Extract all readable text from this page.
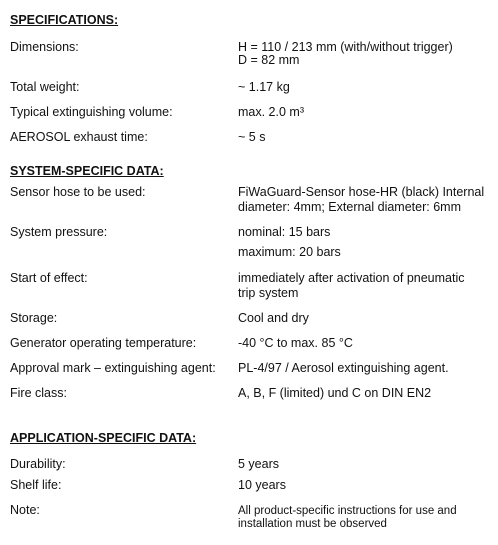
SPECIFICATIONS:
Dimensions:	H = 110 / 213 mm (with/without trigger)
D = 82 mm
Total weight:	~ 1.17 kg
Typical extinguishing volume:	max. 2.0 m³
AEROSOL exhaust time:	~ 5 s
SYSTEM-SPECIFIC DATA:
Sensor hose to be used:	FiWaGuard-Sensor hose-HR (black) Internal
diameter: 4mm; External diameter: 6mm
System pressure:	nominal: 15 bars
maximum: 20 bars
Start of effect:	immediately after activation of pneumatic
trip system
Storage:	Cool and dry
Generator operating temperature:	-40 °C to max. 85 °C
Approval mark – extinguishing agent: PL-4/97 / Aerosol extinguishing agent.
Fire class:	A, B, F (limited) und C on DIN EN2
APPLICATION-SPECIFIC DATA:
Durability:	5 years
Shelf life:	10 years
Note:	All product-specific instructions for use and
installation must be observed
